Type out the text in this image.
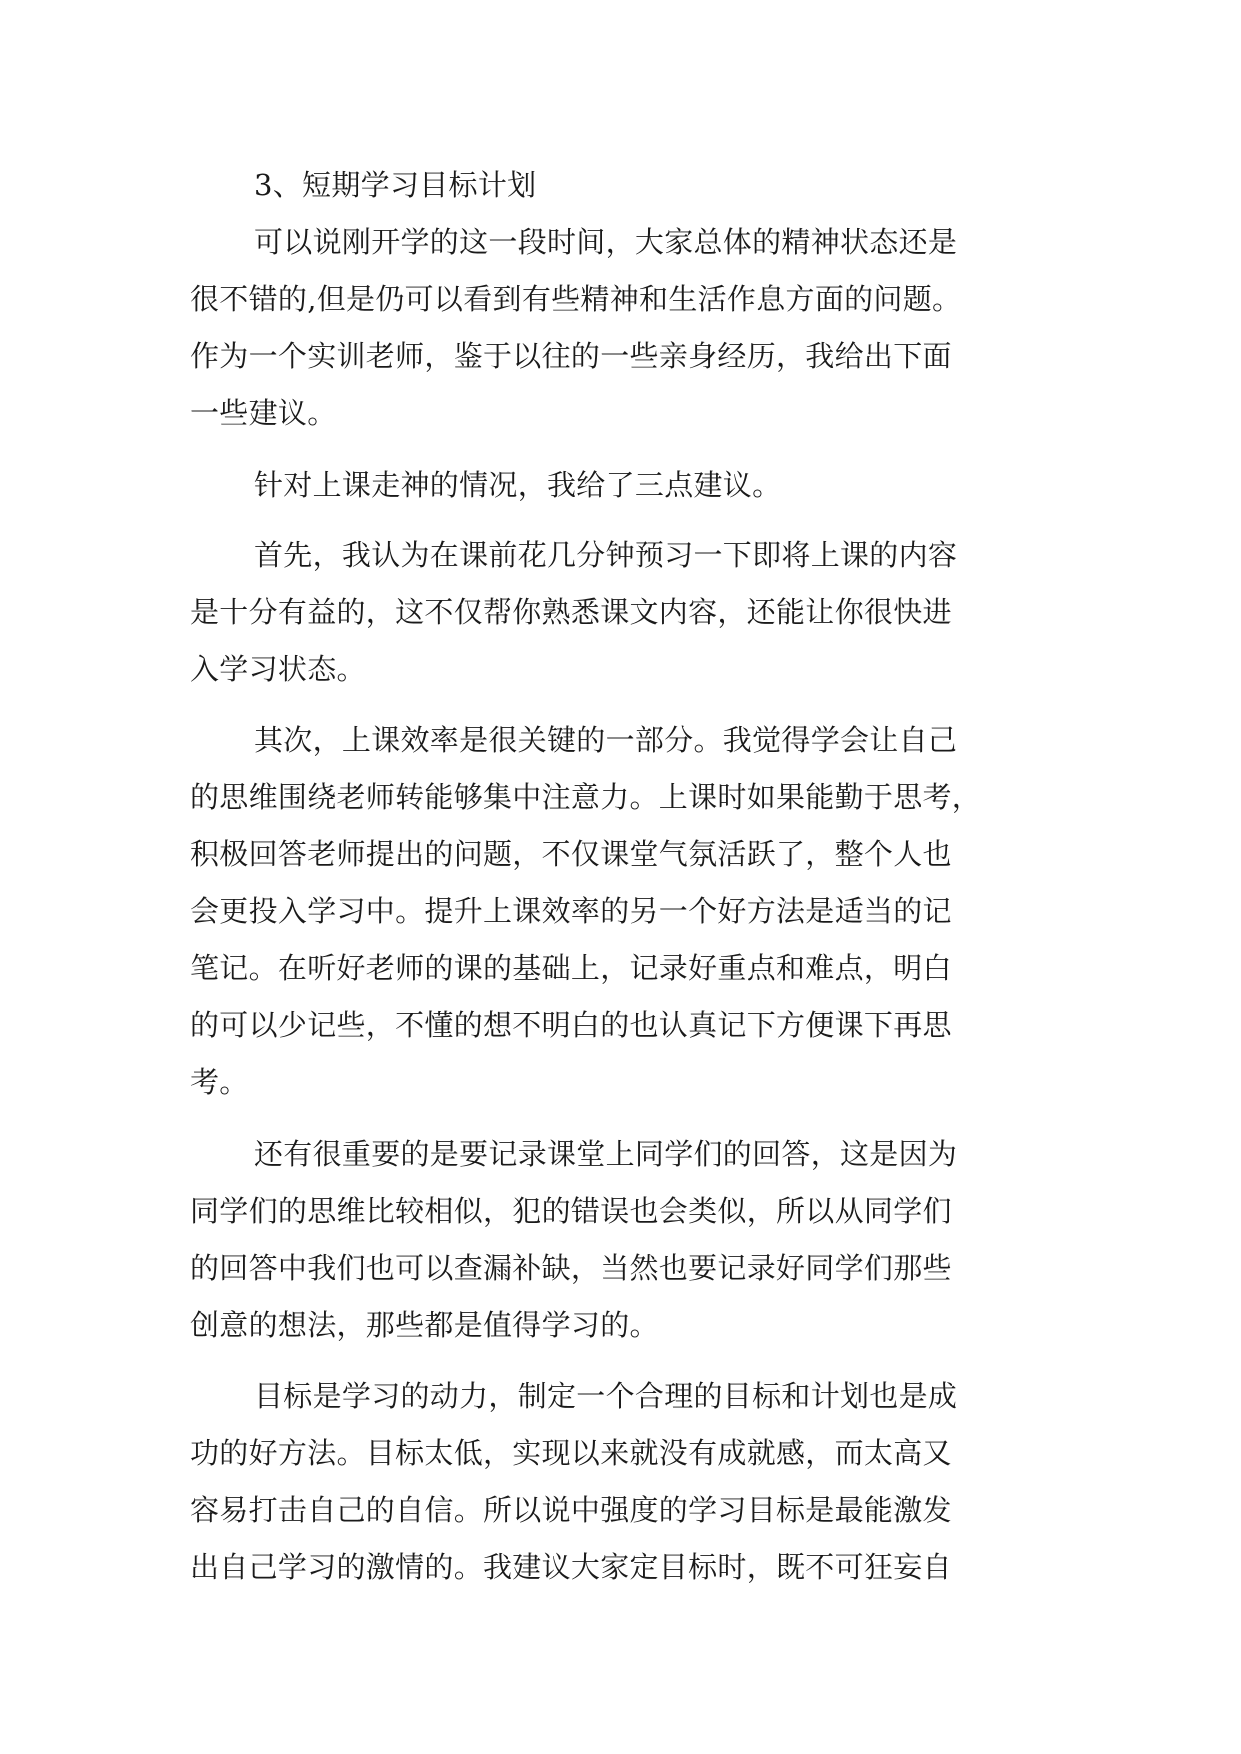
3、短期学习目标计划
可以说刚开学的这一段时间，大家总体的精神状态还是
很不错的,但是仍可以看到有些精神和生活作息方面的问题。
作为一个实训老师，鉴于以往的一些亲身经历，我给出下面
一些建议。
针对上课走神的情况，我给了三点建议。
首先，我认为在课前花几分钟预习一下即将上课的内容
是十分有益的，这不仅帮你熟悉课文内容，还能让你很快进
入学习状态。
其次，上课效率是很关键的一部分。我觉得学会让自己
的思维围绕老师转能够集中注意力。上课时如果能勤于思考，
积极回答老师提出的问题，不仅课堂气氛活跃了，整个人也
会更投入学习中。提升上课效率的另一个好方法是适当的记
笔记。在听好老师的课的基础上，记录好重点和难点，明白
的可以少记些，不懂的想不明白的也认真记下方便课下再思
考。
还有很重要的是要记录课堂上同学们的回答，这是因为
同学们的思维比较相似，犯的错误也会类似，所以从同学们
的回答中我们也可以查漏补缺，当然也要记录好同学们那些
创意的想法，那些都是值得学习的。
目标是学习的动力，制定一个合理的目标和计划也是成
功的好方法。目标太低，实现以来就没有成就感，而太高又
容易打击自己的自信。所以说中强度的学习目标是最能激发
出自己学习的激情的。我建议大家定目标时，既不可狂妄自
